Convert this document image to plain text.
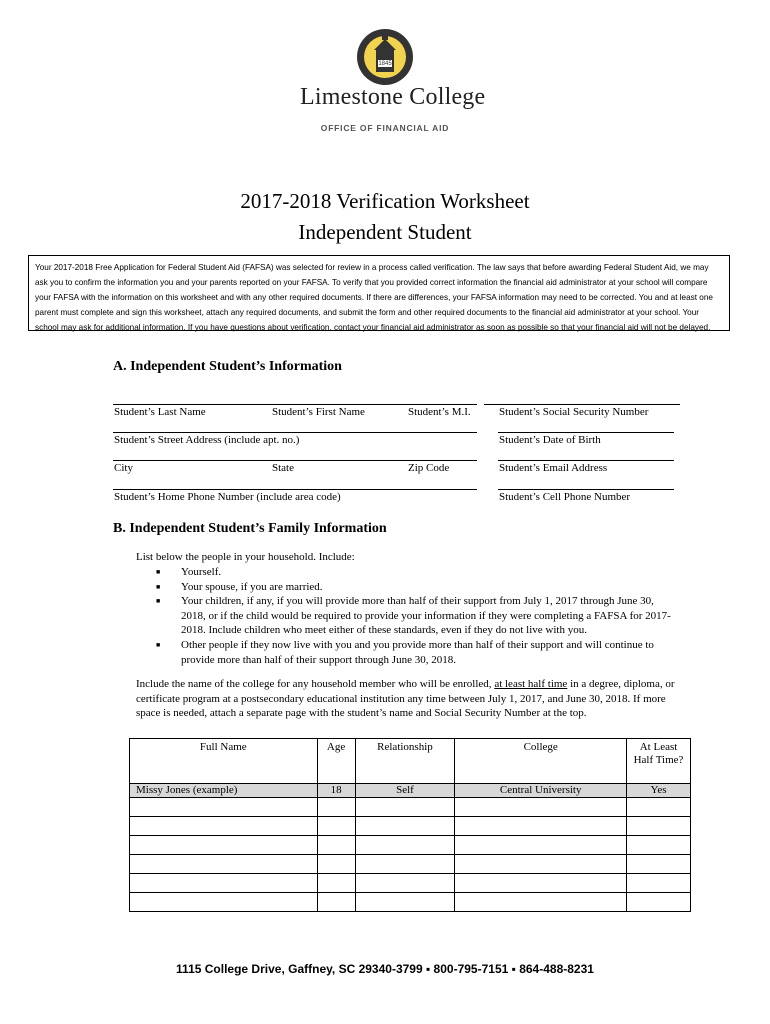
1845
Limestone College
OFFICE OF FINANCIAL AID
2017-2018 Verification Worksheet
Independent Student
Your 2017-2018 Free Application for Federal Student Aid (FAFSA) was selected for review in a process called verification. The law says that before awarding Federal Student Aid, we may ask you to confirm the information you and your parents reported on your FAFSA. To verify that you provided correct information the financial aid administrator at your school will compare your FAFSA with the information on this worksheet and with any other required documents. If there are differences, your FAFSA information may need to be corrected. You and at least one parent must complete and sign this worksheet, attach any required documents, and submit the form and other required documents to the financial aid administrator at your school. Your school may ask for additional information. If you have questions about verification, contact your financial aid administrator as soon as possible so that your financial aid will not be delayed.
A. Independent Student’s Information
Student’s Last Name	Student’s First Name	Student’s M.I.	Student’s Social Security Number
Student’s Street Address (include apt. no.)	Student’s Date of Birth
City	State	Zip Code	Student’s Email Address
Student’s Home Phone Number (include area code)	Student’s Cell Phone Number
B. Independent Student’s Family Information
List below the people in your household. Include:
■ Yourself.
■ Your spouse, if you are married.
■ Your children, if any, if you will provide more than half of their support from July 1, 2017 through June 30, 2018, or if the child would be required to provide your information if they were completing a FAFSA for 2017-2018. Include children who meet either of these standards, even if they do not live with you.
■ Other people if they now live with you and you provide more than half of their support and will continue to provide more than half of their support through June 30, 2018.
Include the name of the college for any household member who will be enrolled, at least half time in a degree, diploma, or certificate program at a postsecondary educational institution any time between July 1, 2017, and June 30, 2018. If more space is needed, attach a separate page with the student’s name and Social Security Number at the top.
Full Name	Age	Relationship	College	At Least Half Time?
Missy Jones (example)	18	Self	Central University	Yes

1115 College Drive, Gaffney, SC 29340-3799 ▪ 800-795-7151 ▪ 864-488-8231
